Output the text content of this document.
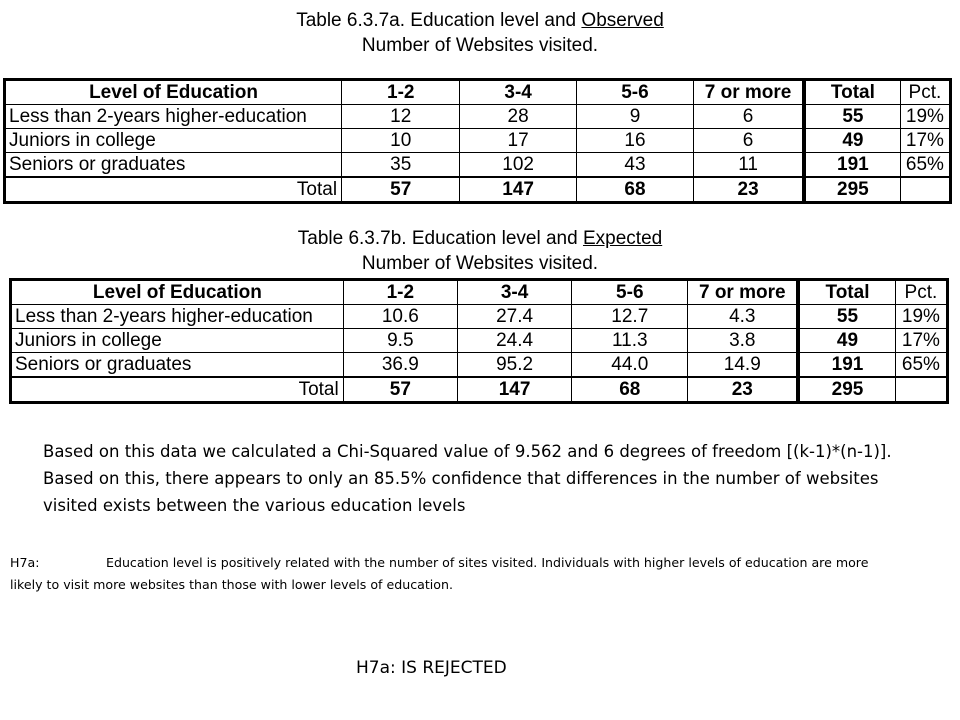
Table 6.3.7a. Education level and Observed
Number of Websites visited.
Level of Education	1-2	3-4	5-6	7 or more	Total	Pct.
Less than 2-years higher-education	12	28	9	6	55	19%
Juniors in college	10	17	16	6	49	17%
Seniors or graduates	35	102	43	11	191	65%
Total	57	147	68	23	295	
Table 6.3.7b. Education level and Expected
Number of Websites visited.
Level of Education	1-2	3-4	5-6	7 or more	Total	Pct.
Less than 2-years higher-education	10.6	27.4	12.7	4.3	55	19%
Juniors in college	9.5	24.4	11.3	3.8	49	17%
Seniors or graduates	36.9	95.2	44.0	14.9	191	65%
Total	57	147	68	23	295	
Based on this data we calculated a Chi-Squared value of 9.562 and 6 degrees of freedom [(k-1)*(n-1)]. Based on this, there appears to only an 85.5% confidence that differences in the number of websites visited exists between the various education levels
H7a:	Education level is positively related with the number of sites visited. Individuals with higher levels of education are more likely to visit more websites than those with lower levels of education.
H7a: IS REJECTED
